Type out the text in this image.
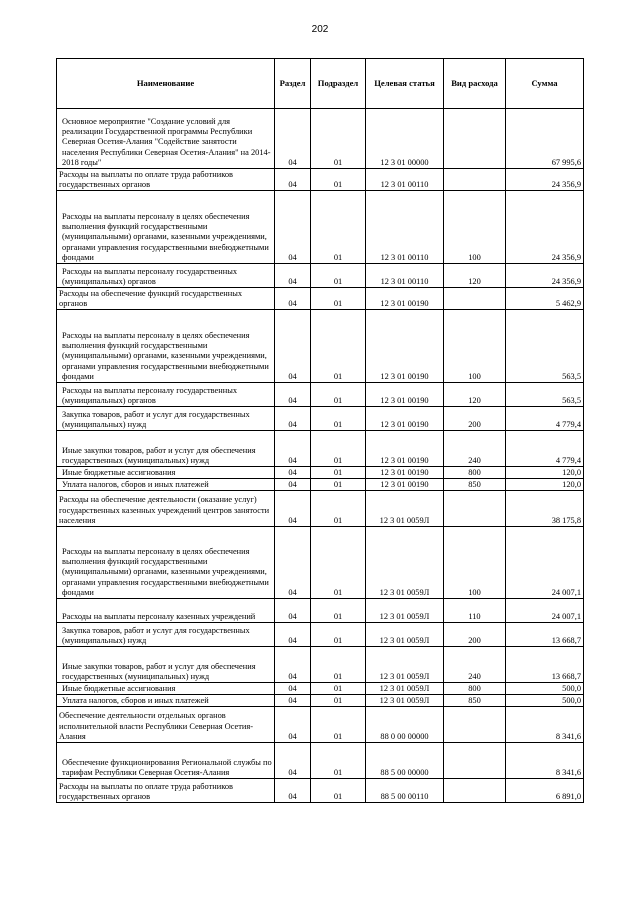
202
Наименование	Раздел	Подраздел	Целевая статья	Вид расхода	Сумма
Основное мероприятие "Создание условий для реализации Государственной программы Республики Северная Осетия-Алания "Содействие занятости населения Республики Северная Осетия-Алания" на 2014-2018 годы"	04	01	12 3 01 00000		67 995,6
Расходы на выплаты по оплате труда работников государственных органов	04	01	12 3 01 00110		24 356,9
Расходы на выплаты персоналу в целях обеспечения выполнения функций государственными (муниципальными) органами, казенными учреждениями, органами управления государственными внебюджетными фондами	04	01	12 3 01 00110	100	24 356,9
Расходы на выплаты персоналу государственных (муниципальных) органов	04	01	12 3 01 00110	120	24 356,9
Расходы на обеспечение функций государственных органов	04	01	12 3 01 00190		5 462,9
Расходы на выплаты персоналу в целях обеспечения выполнения функций государственными (муниципальными) органами, казенными учреждениями, органами управления государственными внебюджетными фондами	04	01	12 3 01 00190	100	563,5
Расходы на выплаты персоналу государственных (муниципальных) органов	04	01	12 3 01 00190	120	563,5
Закупка товаров, работ и услуг для государственных (муниципальных) нужд	04	01	12 3 01 00190	200	4 779,4
Иные закупки товаров, работ и услуг для обеспечения государственных (муниципальных) нужд	04	01	12 3 01 00190	240	4 779,4
Иные бюджетные ассигнования	04	01	12 3 01 00190	800	120,0
Уплата налогов, сборов и иных платежей	04	01	12 3 01 00190	850	120,0
Расходы на обеспечение деятельности (оказание услуг) государственных казенных учреждений центров занятости населения	04	01	12 3 01 0059Л		38 175,8
Расходы на выплаты персоналу в целях обеспечения выполнения функций государственными (муниципальными) органами, казенными учреждениями, органами управления государственными внебюджетными фондами	04	01	12 3 01 0059Л	100	24 007,1
Расходы на выплаты персоналу казенных учреждений	04	01	12 3 01 0059Л	110	24 007,1
Закупка товаров, работ и услуг для государственных (муниципальных) нужд	04	01	12 3 01 0059Л	200	13 668,7
Иные закупки товаров, работ и услуг для обеспечения государственных (муниципальных) нужд	04	01	12 3 01 0059Л	240	13 668,7
Иные бюджетные ассигнования	04	01	12 3 01 0059Л	800	500,0
Уплата налогов, сборов и иных платежей	04	01	12 3 01 0059Л	850	500,0
Обеспечение деятельности отдельных органов исполнительной власти Республики Северная Осетия-Алания	04	01	88 0 00 00000		8 341,6
Обеспечение функционирования Региональной службы по тарифам Республики Северная Осетия-Алания	04	01	88 5 00 00000		8 341,6
Расходы на выплаты по оплате труда работников государственных органов	04	01	88 5 00 00110		6 891,0
